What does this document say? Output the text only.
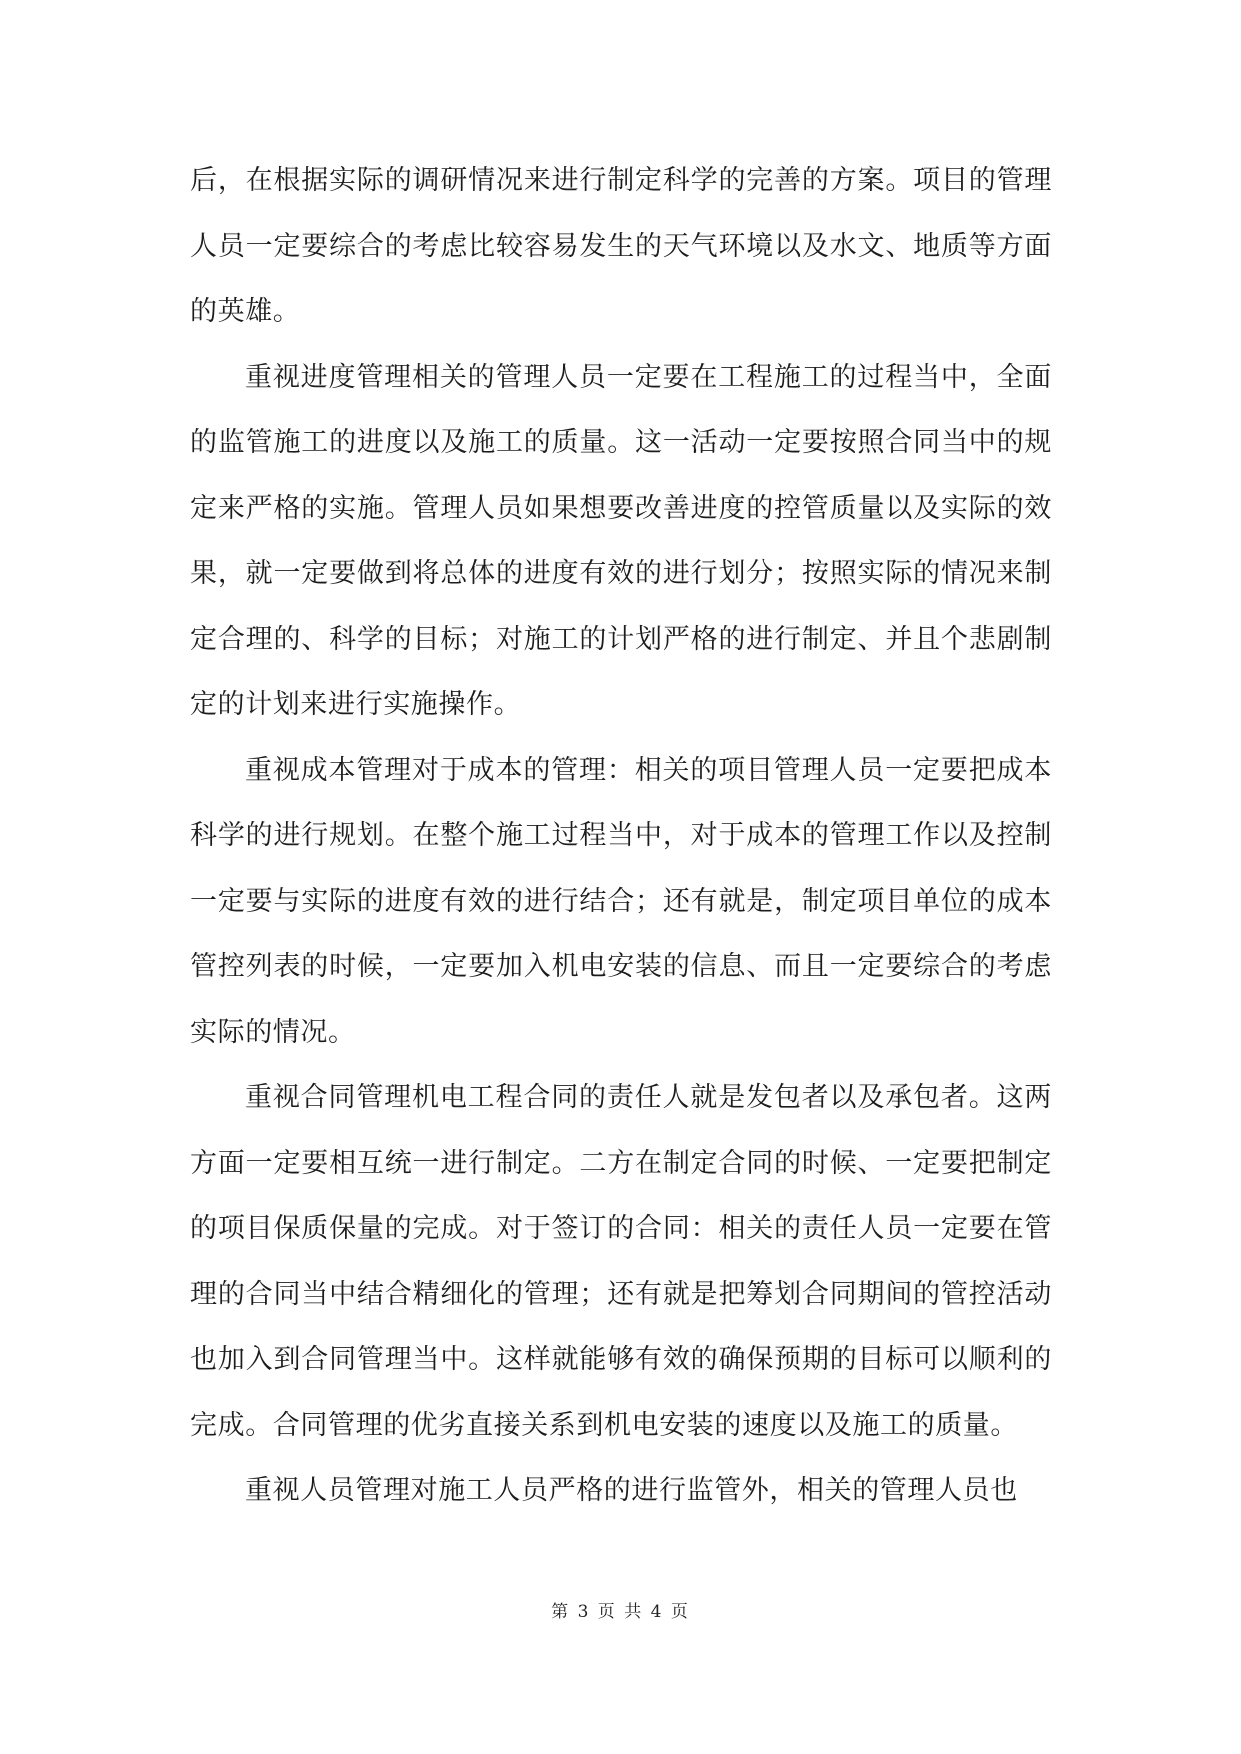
后，在根据实际的调研情况来进行制定科学的完善的方案。项目的管理人员一定要综合的考虑比较容易发生的天气环境以及水文、地质等方面的英雄。

重视进度管理相关的管理人员一定要在工程施工的过程当中，全面的监管施工的进度以及施工的质量。这一活动一定要按照合同当中的规定来严格的实施。管理人员如果想要改善进度的控管质量以及实际的效果，就一定要做到将总体的进度有效的进行划分；按照实际的情况来制定合理的、科学的目标；对施工的计划严格的进行制定、并且个悲剧制定的计划来进行实施操作。

重视成本管理对于成本的管理：相关的项目管理人员一定要把成本科学的进行规划。在整个施工过程当中，对于成本的管理工作以及控制一定要与实际的进度有效的进行结合；还有就是，制定项目单位的成本管控列表的时候，一定要加入机电安装的信息、而且一定要综合的考虑实际的情况。

重视合同管理机电工程合同的责任人就是发包者以及承包者。这两方面一定要相互统一进行制定。二方在制定合同的时候、一定要把制定的项目保质保量的完成。对于签订的合同：相关的责任人员一定要在管理的合同当中结合精细化的管理；还有就是把筹划合同期间的管控活动也加入到合同管理当中。这样就能够有效的确保预期的目标可以顺利的完成。合同管理的优劣直接关系到机电安装的速度以及施工的质量。

重视人员管理对施工人员严格的进行监管外，相关的管理人员也

第 3 页 共 4 页
